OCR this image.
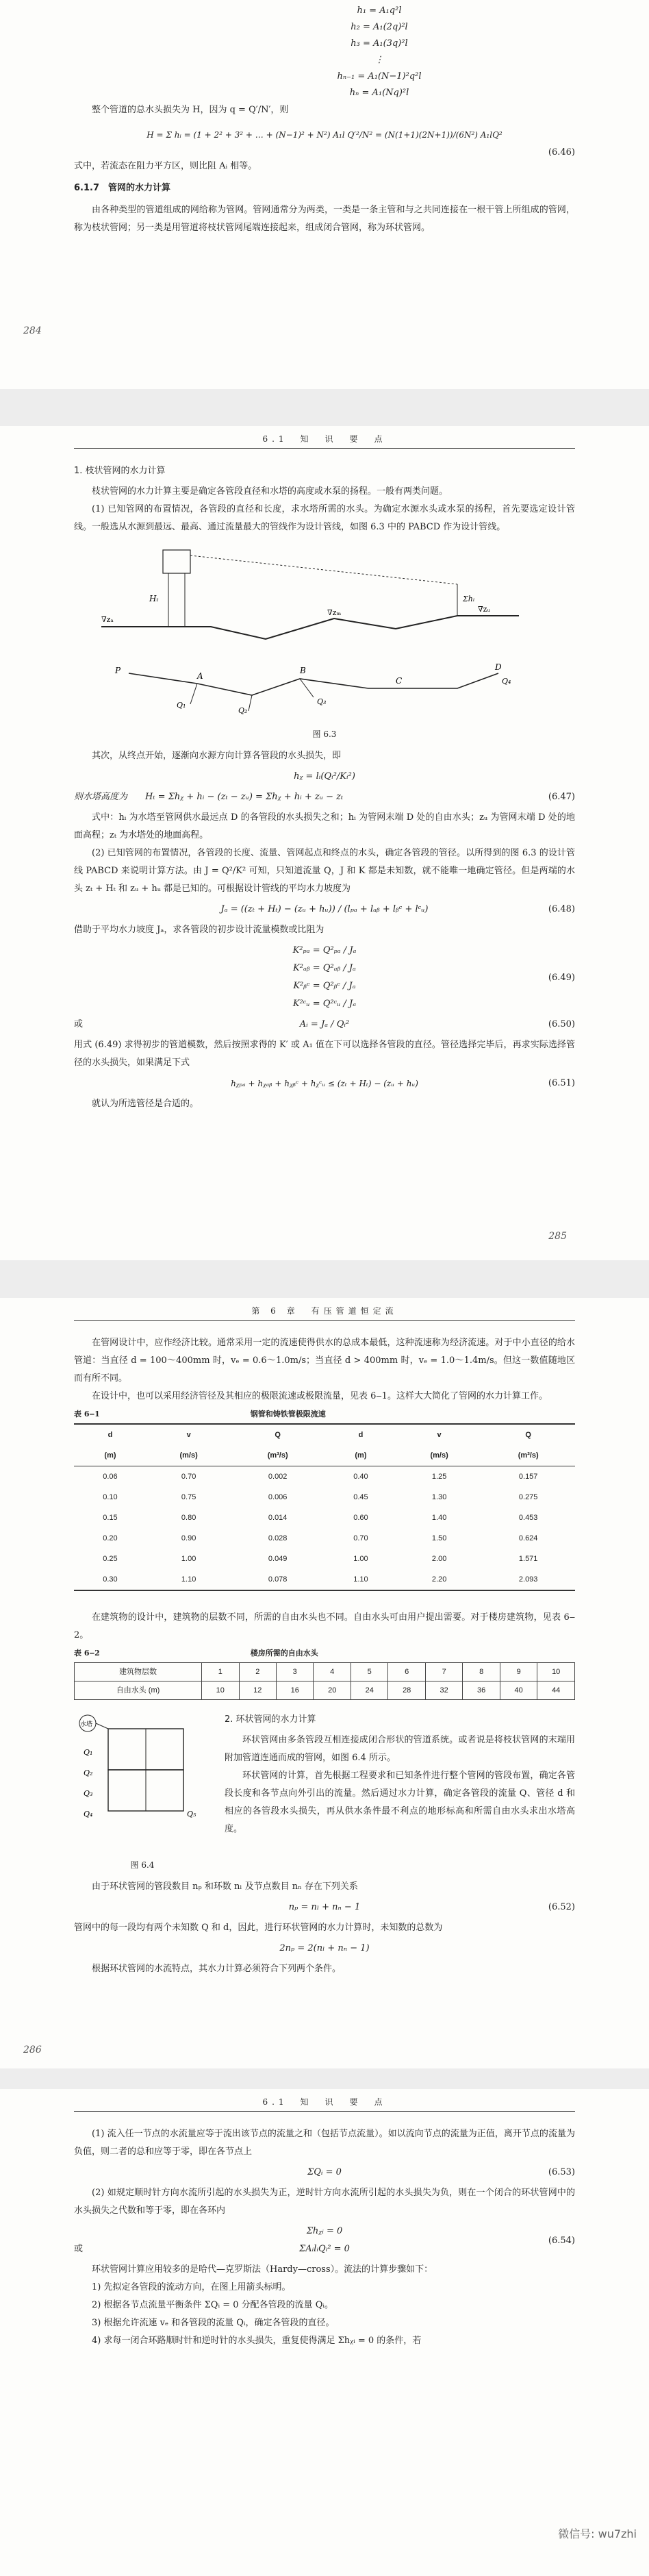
h₁ = A₁q²l
h₂ = A₁(2q)²l
h₃ = A₁(3q)²l
⋮
hₙ₋₁ = A₁(N−1)²q²l
hₙ = A₁(Nq)²l

整个管道的总水头损失为 H，因为 q = Q′/N′，则

H = Σ hᵢ = (1 + 2² + 3² + … + (N−1)² + N²) A₁l Q′²/N² = (N(1+1)(2N+1))/(6N²) A₁lQ²
(6.46)

式中，若流态在阻力平方区，则比阻 Aᵢ 相等。

6.1.7　管网的水力计算

由各种类型的管道组成的网给称为管网。管网通常分为两类，一类是一条主管和与之共同连接在一根干管上所组成的管网，称为枝状管网；另一类是用管道将枝状管网尾端连接起来，组成闭合管网，称为环状管网。

284
6.1　知　识　要　点
1. 枝状管网的水力计算

枝状管网的水力计算主要是确定各管段直径和水塔的高度或水泵的扬程。一般有两类问题。

(1) 已知管网的布置情况，各管段的直径和长度，求水塔所需的水头。为确定水源水头或水泵的扬程，首先要选定设计管线。一般选从水源到最远、最高、通过流量最大的管线作为设计管线，如图 6.3 中的 PABCD 作为设计管线。

Hₜ
∇zₐ
∇zₘ	∇zᵤ
Σhᵢ
Q₁
Q₂
Q₃
Q₄
P
A
B
C
D
图 6.3

其次，从终点开始，逐渐向水源方向计算各管段的水头损失，即

hᵪ = lᵢ(Qᵢ²/Kᵢ²)
则水塔高度为　　Hₜ = Σhᵪ + hᵢ − (zₜ − zᵤ) = Σhᵪ + hᵢ + zᵤ − zₜ	(6.47)

式中：hᵢ 为水塔至管网供水最远点 D 的各管段的水头损失之和；hᵢ 为管网末端 D 处的自由水头；zᵤ 为管网末端 D 处的地面高程；zₜ 为水塔处的地面高程。

(2) 已知管网的布置情况，各管段的长度、流量、管网起点和终点的水头，确定各管段的管径。以所得到的图 6.3 的设计管线 PABCD 来说明计算方法。由 J = Q²/K² 可知，只知道流量 Q，J 和 K 都是未知数，就不能唯一地确定管径。但是两端的水头 zₜ + Hₜ 和 zᵤ + hᵤ 都是已知的。可根据设计管线的平均水力坡度为

Jₐ = ((zₜ + Hₜ) − (zᵤ + hᵤ)) / (lₚₐ + lₐᵦ + lᵦᶜ + lᶜᵤ)	(6.48)

借助于平均水力坡度 Jₐ，求各管段的初步设计流量模数或比阻为

K²ₚₐ = Q²ₚₐ / Jₐ
K²ₐᵦ = Q²ₐᵦ / Jₐ
K²ᵦᶜ = Q²ᵦᶜ / Jₐ
K²ᶜᵤ = Q²ᶜᵤ / Jₐ
(6.49)
或	Aᵢ = Jₐ / Qᵢ²	(6.50)

用式 (6.49) 求得初步的管道模数，然后按照求得的 K′ 或 A₁ 值在下可以选择各管段的直径。管径选择完毕后，再求实际选择管径的水头损失，如果满足下式

hᵪₚₐ + hᵪₐᵦ + hᵪᵦᶜ + hᵪᶜᵤ ≤ (zₜ + Hₜ) − (zᵤ + hᵤ)	(6.51)

就认为所选管径是合适的。

285
第 6 章　有压管道恒定流

在管网设计中，应作经济比较。通常采用一定的流速使得供水的总成本最低，这种流速称为经济流速。对于中小直径的给水管道：当直径 d = 100～400mm 时，vₑ = 0.6～1.0m/s；当直径 d > 400mm 时，vₑ = 1.0～1.4m/s。但这一数值随地区而有所不同。

在设计中，也可以采用经济管径及其相应的极限流速或极限流量，见表 6‒1。这样大大简化了管网的水力计算工作。

表 6‒1	钢管和铸铁管极限流速
d	v	Q	d	v	Q
(m)	(m/s)	(m³/s)	(m)	(m/s)	(m³/s)
0.06	0.70	0.002	0.40	1.25	0.157
0.10	0.75	0.006	0.45	1.30	0.275
0.15	0.80	0.014	0.60	1.40	0.453
0.20	0.90	0.028	0.70	1.50	0.624
0.25	1.00	0.049	1.00	2.00	1.571
0.30	1.10	0.078	1.10	2.20	2.093

在建筑物的设计中，建筑物的层数不同，所需的自由水头也不同。自由水头可由用户提出需要。对于楼房建筑物，见表 6‒2。

表 6‒2	楼房所需的自由水头
建筑物层数	1	2	3	4	5	6	7	8	9	10
自由水头 (m)	10	12	16	20	24	28	32	36	40	44
水塔
Q₁
Q₂
Q₃
Q₄	Q₅
图 6.4
2. 环状管网的水力计算

环状管网由多条管段互相连接成闭合形状的管道系统。或者说是将枝状管网的末端用附加管道连通而成的管网，如图 6.4 所示。

环状管网的计算，首先根据工程要求和已知条件进行整个管网的管段布置，确定各管段长度和各节点向外引出的流量。然后通过水力计算，确定各管段的流量 Q、管径 d 和相应的各管段水头损失，再从供水条件最不利点的地形标高和所需自由水头求出水塔高度。

由于环状管网的管段数目 nₚ 和环数 nₗ 及节点数目 nₙ 存在下列关系

nₚ = nₗ + nₙ − 1	(6.52)

管网中的每一段均有两个未知数 Q 和 d，因此，进行环状管网的水力计算时，未知数的总数为

2nₚ = 2(nₗ + nₙ − 1)

根据环状管网的水流特点，其水力计算必须符合下列两个条件。

286
6.1　知　识　要　点

(1) 流入任一节点的水流量应等于流出该节点的流量之和（包括节点流量）。如以流向节点的流量为正值，离开节点的流量为负值，则二者的总和应等于零，即在各节点上

ΣQᵢ = 0	(6.53)

(2) 如规定顺时针方向水流所引起的水头损失为正，逆时针方向水流所引起的水头损失为负，则在一个闭合的环状管网中的水头损失之代数和等于零，即在各环内

Σhᵪᵢ = 0
ΣAᵢlᵢQᵢ² = 0
或
(6.54)

环状管网计算应用较多的是哈代—克罗斯法（Hardy—cross）。流法的计算步骤如下：

1) 先拟定各管段的流动方向，在图上用箭头标明。

2) 根据各节点流量平衡条件 ΣQᵢ = 0 分配各管段的流量 Qᵢ。

3) 根据允许流速 vₑ 和各管段的流量 Qᵢ，确定各管段的直径。

4) 求每一闭合环路顺时针和逆时针的水头损失，重复使得满足 Σhᵪᵢ = 0 的条件，若

微信号: wu7zhi
